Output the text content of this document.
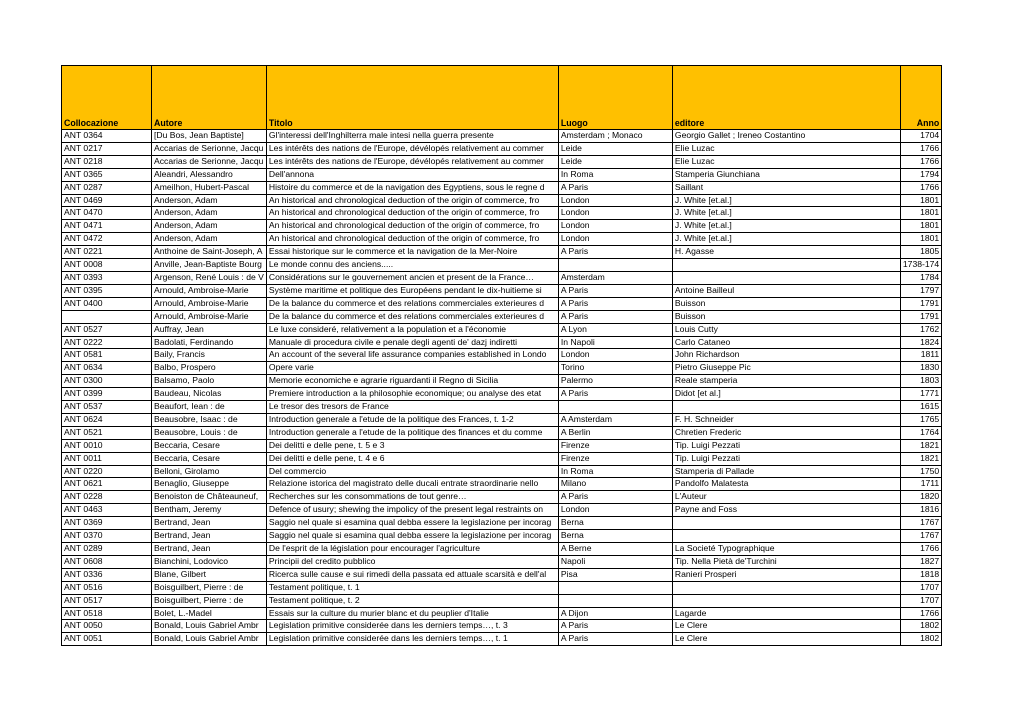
Collocazione	Autore	Titolo	Luogo	editore	Anno
ANT 0364	[Du Bos, Jean Baptiste]	Gl'interessi dell'Inghilterra male intesi nella guerra presente	Amsterdam ; Monaco	Georgio Gallet ; Ireneo Costantino	1704
ANT 0217	Accarias de Serionne, Jacqu	Les intérêts des nations de l'Europe, dévélopés relativement au commer	Leide	Elie Luzac	1766
ANT 0218	Accarias de Serionne, Jacqu	Les intérêts des nations de l'Europe, dévélopés relativement au commer	Leide	Elie Luzac	1766
ANT 0365	Aleandri, Alessandro	Dell'annona	In Roma	Stamperia Giunchiana	1794
ANT 0287	Ameilhon, Hubert-Pascal	Histoire du commerce et de la navigation des Egyptiens, sous le regne d	A Paris	Saillant	1766
ANT 0469	Anderson, Adam	An historical and chronological deduction of the origin of commerce, fro	London	J. White [et.al.]	1801
ANT 0470	Anderson, Adam	An historical and chronological deduction of the origin of commerce, fro	London	J. White [et.al.]	1801
ANT 0471	Anderson, Adam	An historical and chronological deduction of the origin of commerce, fro	London	J. White [et.al.]	1801
ANT 0472	Anderson, Adam	An historical and chronological deduction of the origin of commerce, fro	London	J. White [et.al.]	1801
ANT 0221	Anthoine de Saint-Joseph, A	Essai historique sur le commerce et la navigation de la Mer-Noire	A Paris	H. Agasse	1805
ANT 0008	Anville, Jean-Baptiste Bourg	Le monde connu des anciens.....			1738-174
ANT 0393	Argenson, René Louis : de V	Considérations sur le gouvernement ancien et present de la France…	Amsterdam		1784
ANT 0395	Arnould, Ambroise-Marie	Système maritime et politique des Européens pendant le dix-huitieme si	A Paris	Antoine Bailleul	1797
ANT 0400	Arnould, Ambroise-Marie	De la balance du commerce et des relations commerciales exterieures d	A Paris	Buisson	1791
	Arnould, Ambroise-Marie	De la balance du commerce et des relations commerciales exterieures d	A Paris	Buisson	1791
ANT 0527	Auffray, Jean	Le luxe consideré, relativement a la population et a l'économie	A Lyon	Louis Cutty	1762
ANT 0222	Badolati, Ferdinando	Manuale di procedura civile e penale degli agenti de' dazj indiretti	In Napoli	Carlo Cataneo	1824
ANT 0581	Baily, Francis	An account of the several life assurance companies established in Londo	London	John Richardson	1811
ANT 0634	Balbo, Prospero	Opere varie	Torino	Pietro Giuseppe Pic	1830
ANT 0300	Balsamo, Paolo	Memorie economiche e agrarie riguardanti il Regno di Sicilia	Palermo	Reale stamperia	1803
ANT 0399	Baudeau, Nicolas	Premiere introduction a la philosophie economique; ou analyse des etat	A Paris	Didot [et al.]	1771
ANT 0537	Beaufort, Iean : de	Le tresor des tresors de France			1615
ANT 0624	Beausobre, Isaac : de	Introduction generale a l'etude de la politique des Frances, t. 1-2	A Amsterdam	F. H. Schneider	1765
ANT 0521	Beausobre, Louis : de	Introduction generale a l'etude de la politique des finances et du comme	A Berlin	Chretien Frederic	1764
ANT 0010	Beccaria, Cesare	Dei delitti e delle pene, t. 5 e 3	Firenze	Tip. Luigi Pezzati	1821
ANT 0011	Beccaria, Cesare	Dei delitti e delle pene, t. 4 e 6	Firenze	Tip. Luigi Pezzati	1821
ANT 0220	Belloni, Girolamo	Del commercio	In Roma	Stamperia di Pallade	1750
ANT 0621	Benaglio, Giuseppe	Relazione istorica del magistrato delle ducali entrate straordinarie nello	Milano	Pandolfo Malatesta	1711
ANT 0228	Benoiston de Châteauneuf,	Recherches sur les consommations de tout genre…	A Paris	L'Auteur	1820
ANT 0463	Bentham, Jeremy	Defence of usury; shewing the impolicy of the present legal restraints on	London	Payne and Foss	1816
ANT 0369	Bertrand, Jean	Saggio nel quale si esamina qual debba essere la legislazione per incorag	Berna		1767
ANT 0370	Bertrand, Jean	Saggio nel quale si esamina qual debba essere la legislazione per incorag	Berna		1767
ANT 0289	Bertrand, Jean	De l'esprit de la législation pour encourager l'agriculture	A Berne	La Societé Typographique	1766
ANT 0608	Bianchini, Lodovico	Principii del credito pubblico	Napoli	Tip. Nella Pietà de'Turchini	1827
ANT 0336	Blane, Gilbert	Ricerca sulle cause e sui rimedi della passata ed attuale scarsità e dell'al	Pisa	Ranieri Prosperi	1818
ANT 0516	Boisguilbert, Pierre : de	Testament politique, t. 1			1707
ANT 0517	Boisguilbert, Pierre : de	Testament politique, t. 2			1707
ANT 0518	Bolet, L.-Madel	Essais sur la culture du murier blanc et du peuplier d'Italie	A Dijon	Lagarde	1766
ANT 0050	Bonald, Louis Gabriel Ambr	Legislation primitive considerée dans les derniers temps…, t. 3	A Paris	Le Clere	1802
ANT 0051	Bonald, Louis Gabriel Ambr	Legislation primitive considerée dans les derniers temps…, t. 1	A Paris	Le Clere	1802
